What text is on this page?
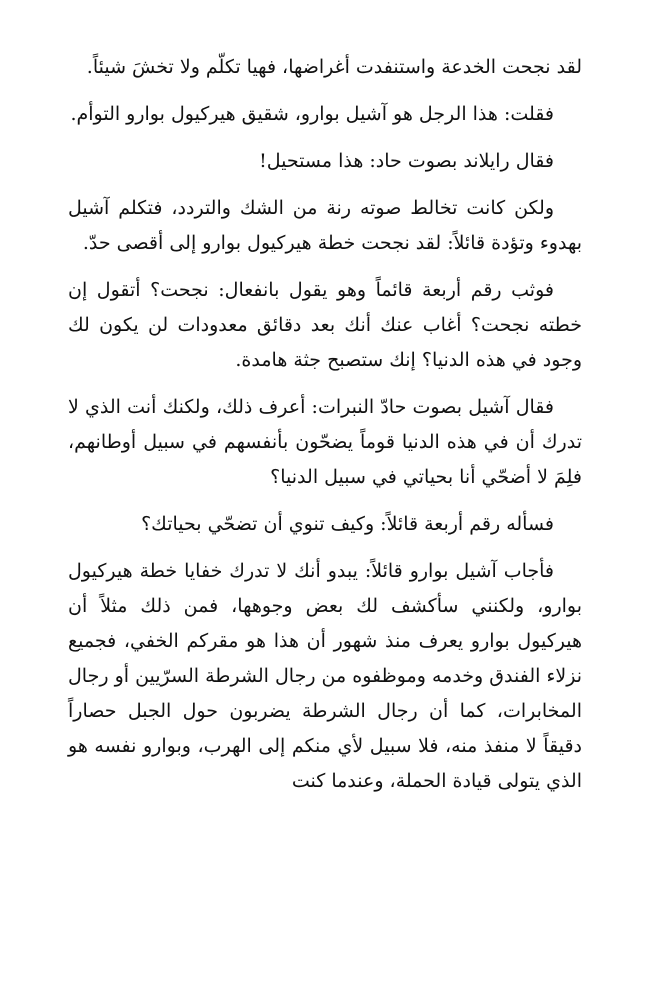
لقد نجحت الخدعة واستنفدت أغراضها، فهيا تكلّم ولا تخشَ شيئاً.

فقلت: هذا الرجل هو آشيل بوارو، شقيق هيركيول بوارو التوأم.

فقال رايلاند بصوت حاد: هذا مستحيل!

ولكن كانت تخالط صوته رنة من الشك والتردد، فتكلم آشيل بهدوء وتؤدة قائلاً: لقد نجحت خطة هيركيول بوارو إلى أقصى حدّ.

فوثب رقم أربعة قائماً وهو يقول بانفعال: نجحت؟ أتقول إن خطته نجحت؟ أغاب عنك أنك بعد دقائق معدودات لن يكون لك وجود في هذه الدنيا؟ إنك ستصبح جثة هامدة.

فقال آشيل بصوت حادّ النبرات: أعرف ذلك، ولكنك أنت الذي لا تدرك أن في هذه الدنيا قوماً يضحّون بأنفسهم في سبيل أوطانهم، فلِمَ لا أضحّي أنا بحياتي في سبيل الدنيا؟

فسأله رقم أربعة قائلاً: وكيف تنوي أن تضحّي بحياتك؟

فأجاب آشيل بوارو قائلاً: يبدو أنك لا تدرك خفايا خطة هيركيول بوارو، ولكنني سأكشف لك بعض وجوهها، فمن ذلك مثلاً أن هيركيول بوارو يعرف منذ شهور أن هذا هو مقركم الخفي، فجميع نزلاء الفندق وخدمه وموظفوه من رجال الشرطة السرّيين أو رجال المخابرات، كما أن رجال الشرطة يضربون حول الجبل حصاراً دقيقاً لا منفذ منه، فلا سبيل لأي منكم إلى الهرب، وبوارو نفسه هو الذي يتولى قيادة الحملة، وعندما كنت
